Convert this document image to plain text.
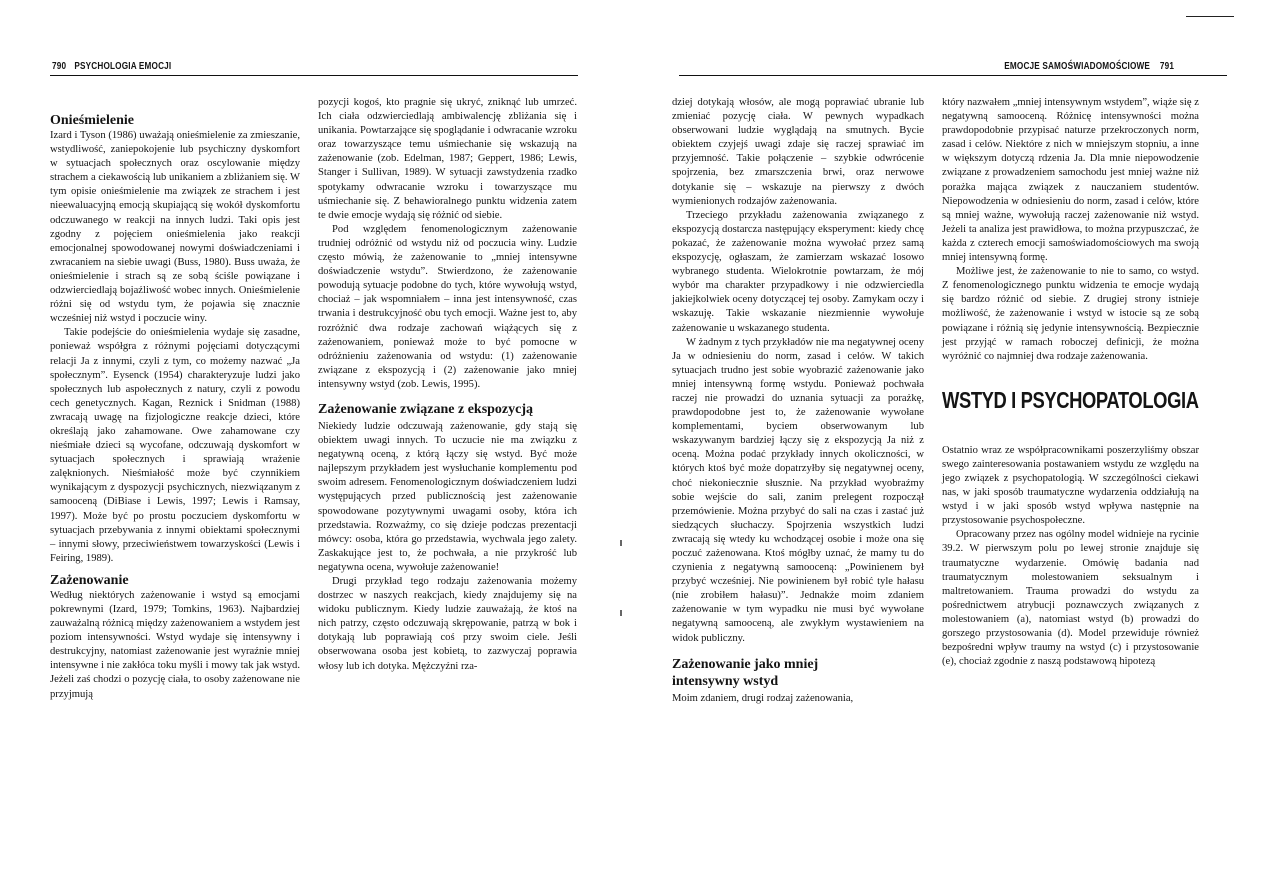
790 PSYCHOLOGIA EMOCJI
Onieśmielenie

Izard i Tyson (1986) uważają onieśmielenie za zmieszanie, wstydliwość, zaniepokojenie lub psychiczny dyskomfort w sytuacjach społecznych oraz oscylowanie między strachem a ciekawością lub unikaniem a zbliżaniem się. W tym opisie onieśmielenie ma związek ze strachem i jest nieewaluacyjną emocją skupiającą się wokół dyskomfortu odczuwanego w reakcji na innych ludzi. Taki opis jest zgodny z pojęciem onieśmielenia jako reakcji emocjonalnej spowodowanej nowymi doświadczeniami i zwracaniem na siebie uwagi (Buss, 1980). Buss uważa, że onieśmielenie i strach są ze sobą ściśle powiązane i odzwierciedlają bojaźliwość wobec innych. Onieśmielenie różni się od wstydu tym, że pojawia się znacznie wcześniej niż wstyd i poczucie winy.

Takie podejście do onieśmielenia wydaje się zasadne, ponieważ współgra z różnymi pojęciami dotyczącymi relacji Ja z innymi, czyli z tym, co możemy nazwać „Ja społecznym”. Eysenck (1954) charakteryzuje ludzi jako społecznych lub aspołecznych z natury, czyli z powodu cech genetycznych. Kagan, Reznick i Snidman (1988) zwracają uwagę na fizjologiczne reakcje dzieci, które określają jako zahamowane. Owe zahamowane czy nieśmiałe dzieci są wycofane, odczuwają dyskomfort w sytuacjach społecznych i sprawiają wrażenie zalęknionych. Nieśmiałość może być czynnikiem wynikającym z dyspozycji psychicznych, niezwiązanym z samooceną (DiBiase i Lewis, 1997; Lewis i Ramsay, 1997). Może być po prostu poczuciem dyskomfortu w sytuacjach przebywania z innymi obiektami społecznymi – innymi słowy, przeciwieństwem towarzyskości (Lewis i Feiring, 1989).

Zażenowanie

Według niektórych zażenowanie i wstyd są emocjami pokrewnymi (Izard, 1979; Tomkins, 1963). Najbardziej zauważalną różnicą między zażenowaniem a wstydem jest poziom intensywności. Wstyd wydaje się intensywny i destrukcyjny, natomiast zażenowanie jest wyraźnie mniej intensywne i nie zakłóca toku myśli i mowy tak jak wstyd. Jeżeli zaś chodzi o pozycję ciała, to osoby zażenowane nie przyjmują

pozycji kogoś, kto pragnie się ukryć, zniknąć lub umrzeć. Ich ciała odzwierciedlają ambiwalencję zbliżania się i unikania. Powtarzające się spoglądanie i odwracanie wzroku oraz towarzyszące temu uśmiechanie się wskazują na zażenowanie (zob. Edelman, 1987; Geppert, 1986; Lewis, Stanger i Sullivan, 1989). W sytuacji zawstydzenia rzadko spotykamy odwracanie wzroku i towarzyszące mu uśmiechanie się. Z behawioralnego punktu widzenia zatem te dwie emocje wydają się różnić od siebie.

Pod względem fenomenologicznym zażenowanie trudniej odróżnić od wstydu niż od poczucia winy. Ludzie często mówią, że zażenowanie to „mniej intensywne doświadczenie wstydu”. Stwierdzono, że zażenowanie powodują sytuacje podobne do tych, które wywołują wstyd, chociaż – jak wspomniałem – inna jest intensywność, czas trwania i destrukcyjność obu tych emocji. Ważne jest to, aby rozróżnić dwa rodzaje zachowań wiążących się z zażenowaniem, ponieważ może to być pomocne w odróżnieniu zażenowania od wstydu: (1) zażenowanie związane z ekspozycją i (2) zażenowanie jako mniej intensywny wstyd (zob. Lewis, 1995).

Zażenowanie związane z ekspozycją

Niekiedy ludzie odczuwają zażenowanie, gdy stają się obiektem uwagi innych. To uczucie nie ma związku z negatywną oceną, z którą łączy się wstyd. Być może najlepszym przykładem jest wysłuchanie komplementu pod swoim adresem. Fenomenologicznym doświadczeniem ludzi występujących przed publicznością jest zażenowanie spowodowane pozytywnymi uwagami osoby, która ich przedstawia. Rozważmy, co się dzieje podczas prezentacji mówcy: osoba, która go przedstawia, wychwala jego zalety. Zaskakujące jest to, że pochwała, a nie przykrość lub negatywna ocena, wywołuje zażenowanie!

Drugi przykład tego rodzaju zażenowania możemy dostrzec w naszych reakcjach, kiedy znajdujemy się na widoku publicznym. Kiedy ludzie zauważają, że ktoś na nich patrzy, często odczuwają skrępowanie, patrzą w bok i dotykają lub poprawiają coś przy swoim ciele. Jeśli obserwowana osoba jest kobietą, to zazwyczaj poprawia włosy lub ich dotyka. Mężczyźni rza-

EMOCJE SAMOŚWIADOMOŚCIOWE 791

dziej dotykają włosów, ale mogą poprawiać ubranie lub zmieniać pozycję ciała. W pewnych wypadkach obserwowani ludzie wyglądają na smutnych. Bycie obiektem czyjejś uwagi zdaje się raczej sprawiać im przyjemność. Takie połączenie – szybkie odwrócenie spojrzenia, bez zmarszczenia brwi, oraz nerwowe dotykanie się – wskazuje na pierwszy z dwóch wymienionych rodzajów zażenowania.

Trzeciego przykładu zażenowania związanego z ekspozycją dostarcza następujący eksperyment: kiedy chcę pokazać, że zażenowanie można wywołać przez samą ekspozycję, ogłaszam, że zamierzam wskazać losowo wybranego studenta. Wielokrotnie powtarzam, że mój wybór ma charakter przypadkowy i nie odzwierciedla jakiejkolwiek oceny dotyczącej tej osoby. Zamykam oczy i wskazuję. Takie wskazanie niezmiennie wywołuje zażenowanie u wskazanego studenta.

W żadnym z tych przykładów nie ma negatywnej oceny Ja w odniesieniu do norm, zasad i celów. W takich sytuacjach trudno jest sobie wyobrazić zażenowanie jako mniej intensywną formę wstydu. Ponieważ pochwała raczej nie prowadzi do uznania sytuacji za porażkę, prawdopodobne jest to, że zażenowanie wywołane komplementami, byciem obserwowanym lub wskazywanym bardziej łączy się z ekspozycją Ja niż z oceną. Można podać przykłady innych okoliczności, w których ktoś być może dopatrzyłby się negatywnej oceny, choć niekoniecznie słusznie. Na przykład wyobraźmy sobie wejście do sali, zanim prelegent rozpoczął przemówienie. Można przybyć do sali na czas i zastać już siedzących słuchaczy. Spojrzenia wszystkich ludzi zwracają się wtedy ku wchodzącej osobie i może ona się poczuć zażenowana. Ktoś mógłby uznać, że mamy tu do czynienia z negatywną samooceną: „Powinienem był przybyć wcześniej. Nie powinienem był robić tyle hałasu (nie zrobiłem hałasu)”. Jednakże moim zdaniem zażenowanie w tym wypadku nie musi być wywołane negatywną samooceną, ale zwykłym wystawieniem na widok publiczny.

Zażenowanie jako mniej intensywny wstyd

Moim zdaniem, drugi rodzaj zażenowania,

który nazwałem „mniej intensywnym wstydem”, wiąże się z negatywną samooceną. Różnicę intensywności można prawdopodobnie przypisać naturze przekroczonych norm, zasad i celów. Niektóre z nich w mniejszym stopniu, a inne w większym dotyczą rdzenia Ja. Dla mnie niepowodzenie związane z prowadzeniem samochodu jest mniej ważne niż porażka mająca związek z nauczaniem studentów. Niepowodzenia w odniesieniu do norm, zasad i celów, które są mniej ważne, wywołują raczej zażenowanie niż wstyd. Jeżeli ta analiza jest prawidłowa, to można przypuszczać, że każda z czterech emocji samoświadomościowych ma swoją mniej intensywną formę.

Możliwe jest, że zażenowanie to nie to samo, co wstyd. Z fenomenologicznego punktu widzenia te emocje wydają się bardzo różnić od siebie. Z drugiej strony istnieje możliwość, że zażenowanie i wstyd w istocie są ze sobą powiązane i różnią się jedynie intensywnością. Bezpiecznie jest przyjąć w ramach roboczej definicji, że można wyróżnić co najmniej dwa rodzaje zażenowania.

WSTYD I PSYCHOPATOLOGIA

Ostatnio wraz ze współpracownikami poszerzyliśmy obszar swego zainteresowania postawaniem wstydu ze względu na jego związek z psychopatologią. W szczególności ciekawi nas, w jaki sposób traumatyczne wydarzenia oddziałują na wstyd i w jaki sposób wstyd wpływa następnie na przystosowanie psychospołeczne.

Opracowany przez nas ogólny model widnieje na rycinie 39.2. W pierwszym polu po lewej stronie znajduje się traumatyczne wydarzenie. Omówię badania nad traumatycznym molestowaniem seksualnym i maltretowaniem. Trauma prowadzi do wstydu za pośrednictwem atrybucji poznawczych związanych z molestowaniem (a), natomiast wstyd (b) prowadzi do gorszego przystosowania (d). Model przewiduje również bezpośredni wpływ traumy na wstyd (c) i przystosowanie (e), chociaż zgodnie z naszą podstawową hipotezą
